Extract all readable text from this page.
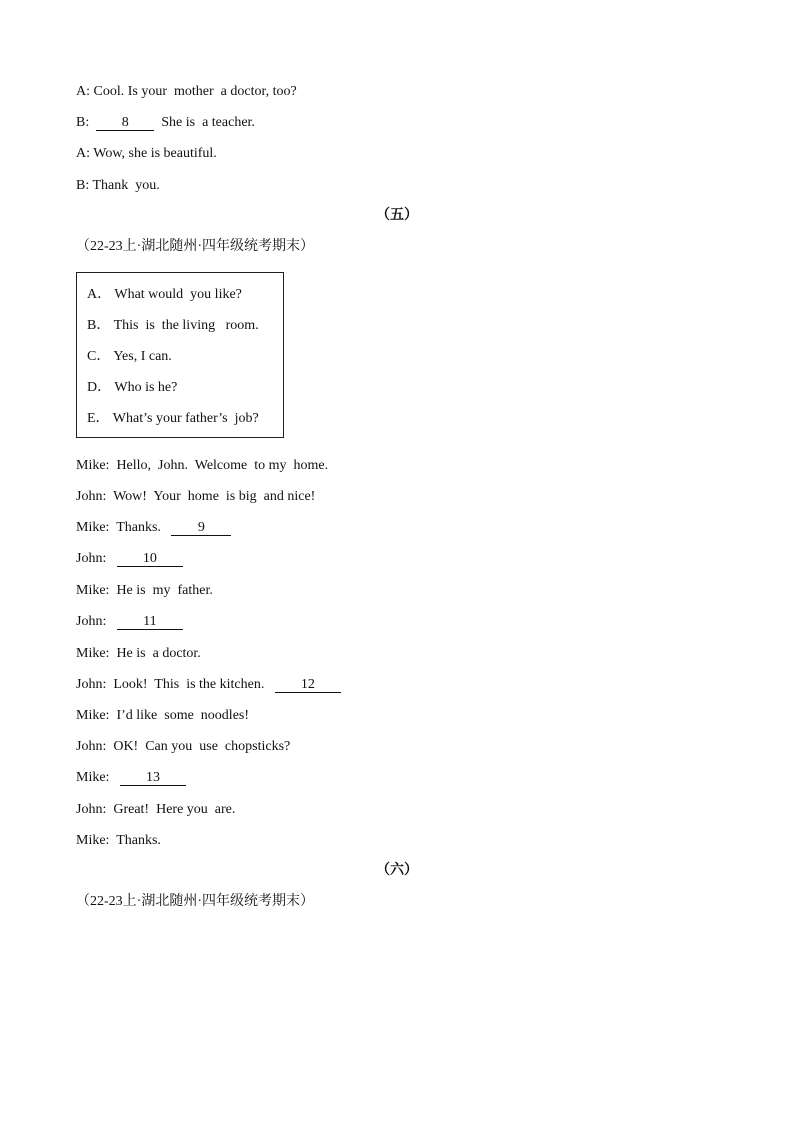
A: Cool. Is your  mother  a doctor, too?
B:  8  She is  a teacher.
A: Wow, she is beautiful.
B: Thank  you.
（五）
（22-23上·湖北随州·四年级统考期末）
A． What would  you like?
B． This  is  the living   room.
C． Yes, I can.
D． Who is he?
E． What’s your father’s  job?
Mike:  Hello,  John.  Welcome  to my  home.
John:  Wow!  Your  home  is big  and nice!
Mike:  Thanks.   9
John:   10
Mike:  He is  my  father.
John:   11
Mike:  He is  a doctor.
John:  Look!  This  is the kitchen.   12
Mike:  I’d like  some  noodles!
John:  OK!  Can you  use  chopsticks?
Mike:   13
John:  Great!  Here you  are.
Mike:  Thanks.
（六）
（22-23上·湖北随州·四年级统考期末）
